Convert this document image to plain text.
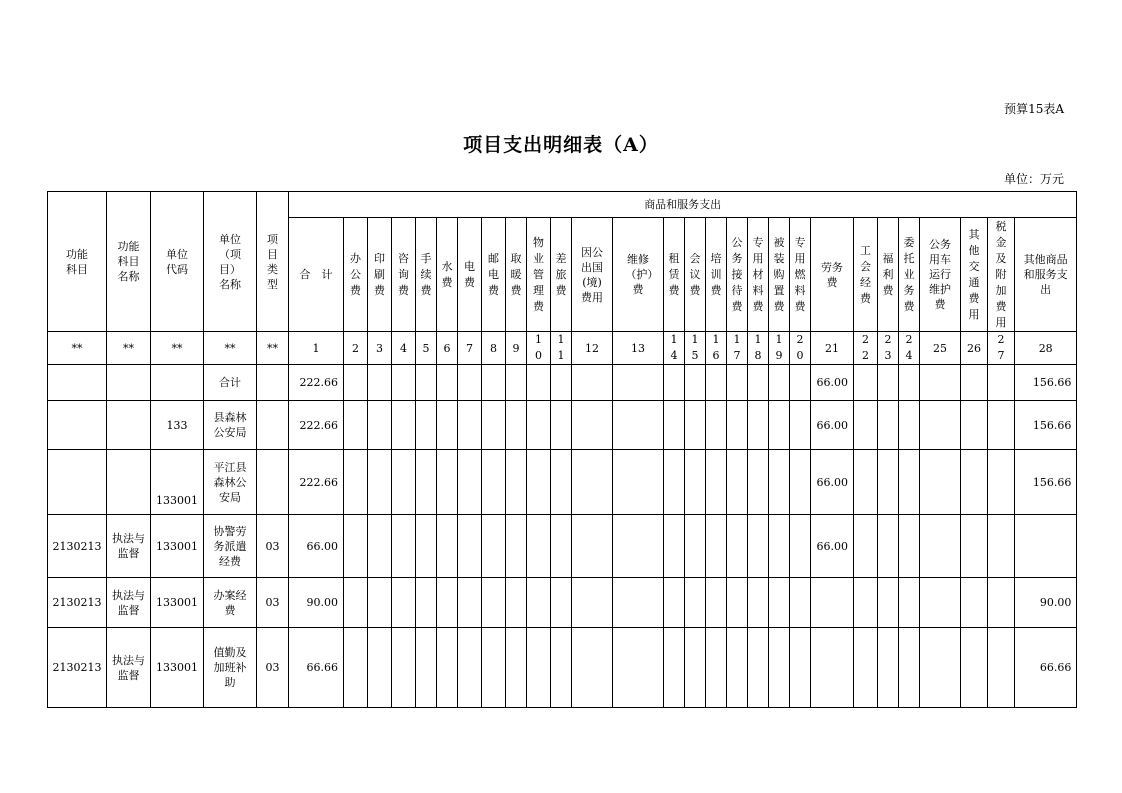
预算15表A
项目支出明细表（A）
单位：万元
功能科目	功能科目名称	单位代码	单位（项目）名称	项目类型	商品和服务支出																											
					合　计	办公费	印刷费	咨询费	手续费	水费	电费	邮电费	取暖费	物业管理费	差旅费	因公出国(境)费用	维修（护）费	租赁费	会议费	培训费	公务接待费	专用材料费	被装购置费	专用燃料费	劳务费	工会经费	福利费	委托业务费	公务用车运行维护费	其他交通费用	税金及附加费用	其他商品和服务支出
**	**	**	**	**	1	2	3	4	5	6	7	8	9	10	11	12	13	14	15	16	17	18	19	20	21	22	23	24	25	26	27	28
			合计		222.66																				66.00							156.66
		133	县森林公安局		222.66																				66.00							156.66
		133001	平江县森林公安局		222.66																				66.00							156.66
2130213	执法与监督	133001	协警劳务派遣经费	03	66.00																				66.00							
2130213	执法与监督	133001	办案经费	03	90.00																											90.00
2130213	执法与监督	133001	值勤及加班补助	03	66.66																											66.66
